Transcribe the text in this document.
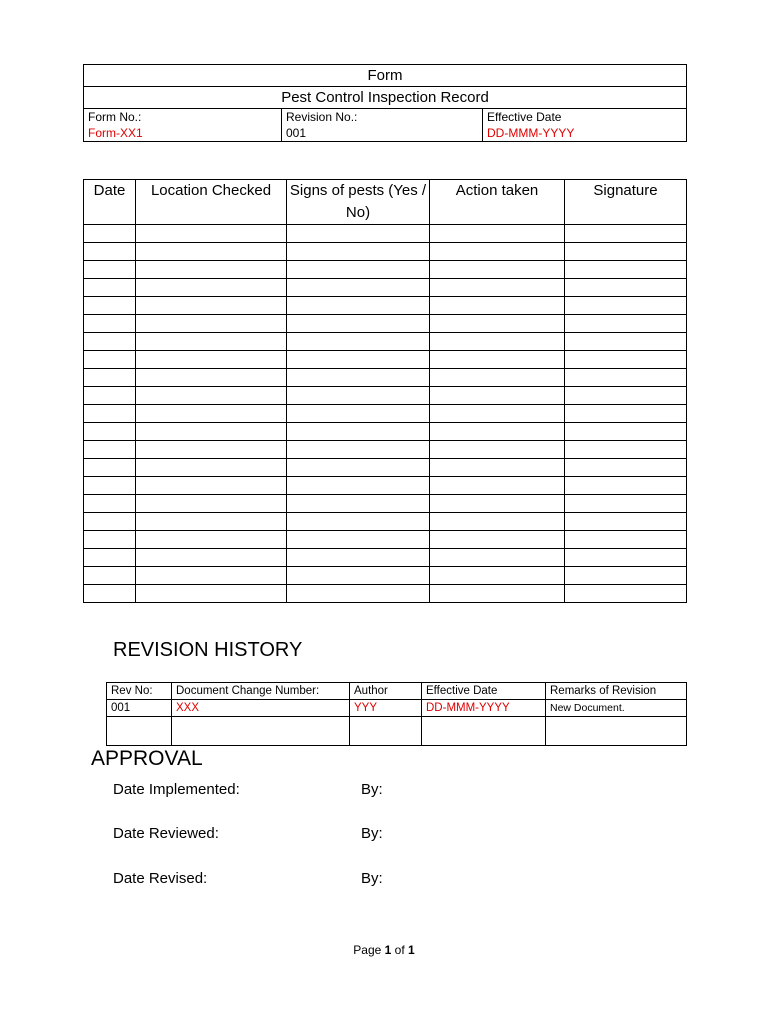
Form		
Pest Control Inspection Record		
Form No.:	Revision No.:	Effective Date
Form-XX1	001	DD-MMM-YYYY
Date	Location Checked	Signs of pests (Yes / No)	Action taken	Signature

REVISION HISTORY
Rev No:	Document Change Number:	Author	Effective Date	Remarks of Revision
001	XXX	YYY	DD-MMM-YYYY	New Document.

APPROVAL
Date Implemented:	By:
Date Reviewed:	By:
Date Revised:	By:
Page 1 of 1
